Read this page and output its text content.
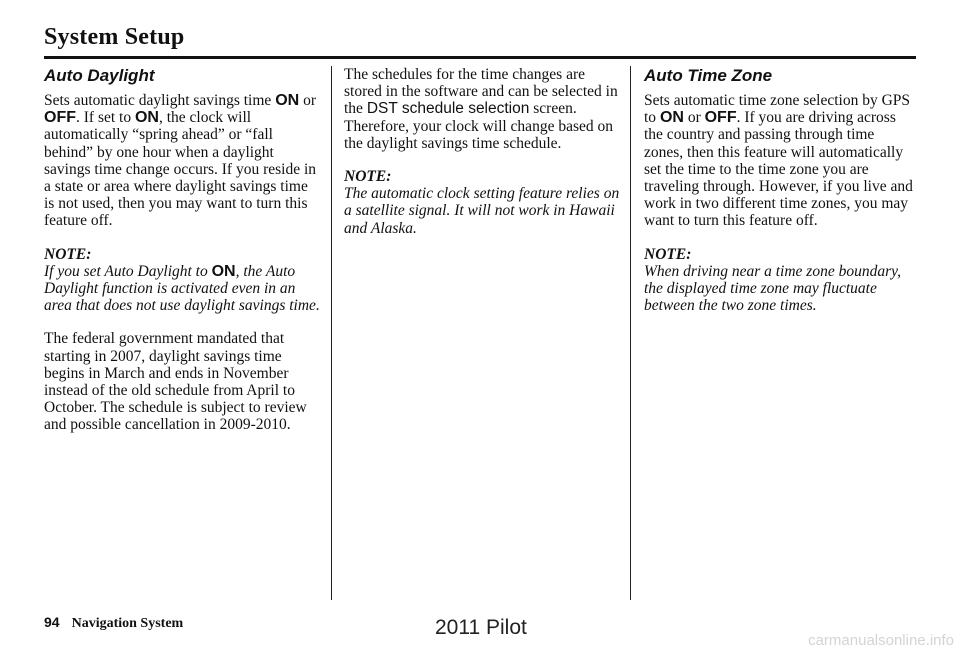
System Setup
Auto Daylight

Sets automatic daylight savings time ON or OFF. If set to ON, the clock will automatically “spring ahead” or “fall behind” by one hour when a daylight savings time change occurs. If you reside in a state or area where daylight savings time is not used, then you may want to turn this feature off.

NOTE:

If you set Auto Daylight to ON, the Auto Daylight function is activated even in an area that does not use daylight savings time.

The federal government mandated that starting in 2007, daylight savings time begins in March and ends in November instead of the old schedule from April to October. The schedule is subject to review and possible cancellation in 2009-2010.

The schedules for the time changes are stored in the software and can be selected in the DST schedule selection screen. Therefore, your clock will change based on the daylight savings time schedule.

NOTE:

The automatic clock setting feature relies on a satellite signal. It will not work in Hawaii and Alaska.

Auto Time Zone

Sets automatic time zone selection by GPS to ON or OFF. If you are driving across the country and passing through time zones, then this feature will automatically set the time to the time zone you are traveling through. However, if you live and work in two different time zones, you may want to turn this feature off.

NOTE:

When driving near a time zone boundary, the displayed time zone may fluctuate between the two zone times.

94 Navigation System	2011 Pilot
carmanualsonline.info
